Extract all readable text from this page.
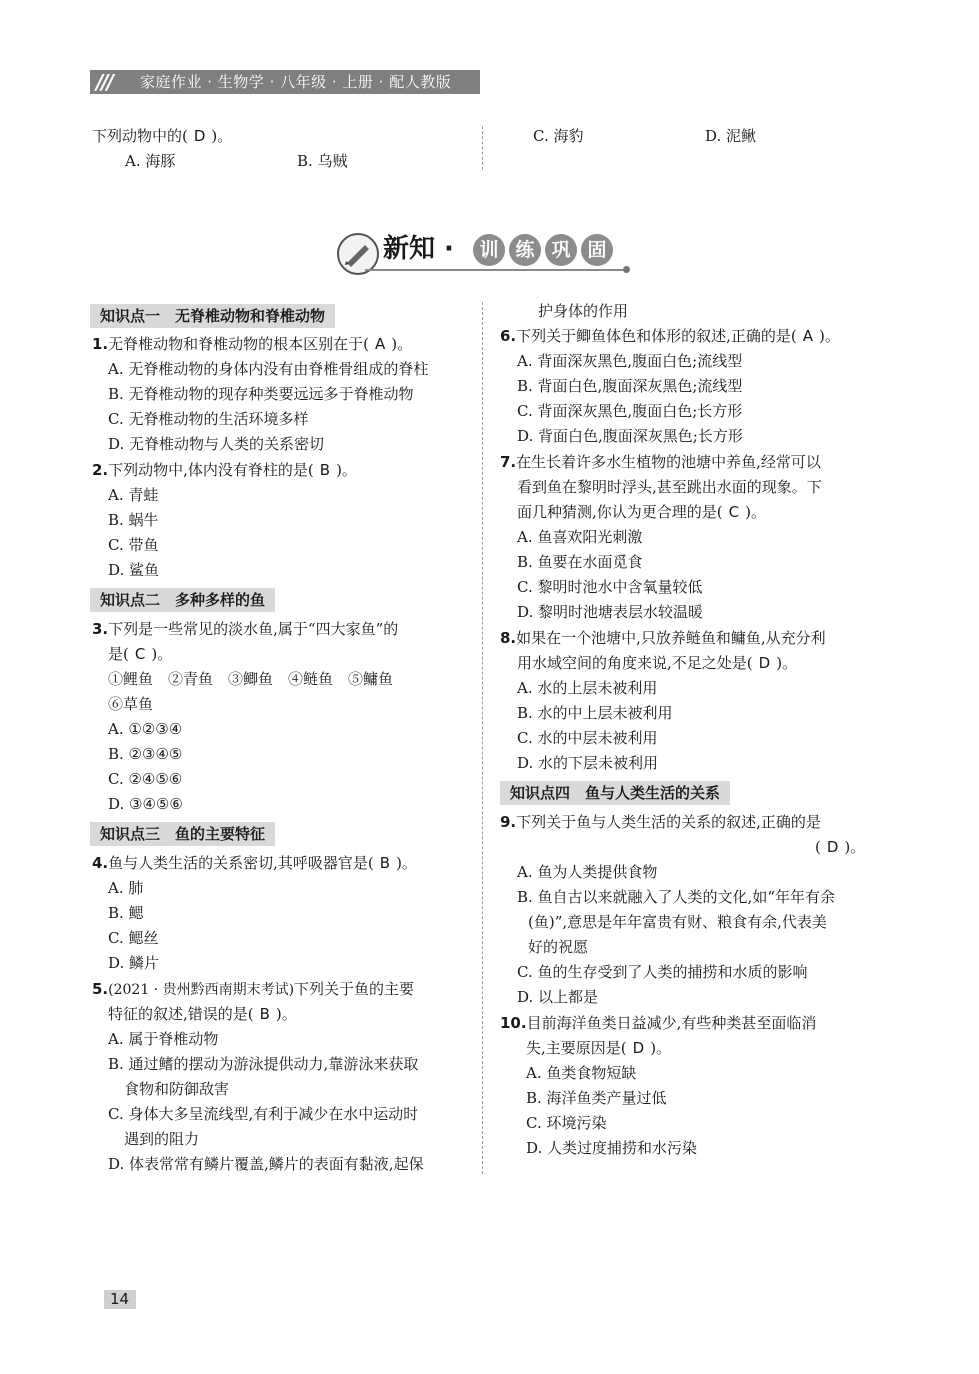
/// 家庭作业 · 生物学 · 八年级 · 上册 · 配人教版
下列动物中的( D )。
A. 海豚	B. 乌贼
C. 海豹	D. 泥鳅
新知 ·	训 练 巩 固
知识点一　无脊椎动物和脊椎动物
1.无脊椎动物和脊椎动物的根本区别在于( A )。
A. 无脊椎动物的身体内没有由脊椎骨组成的脊柱
B. 无脊椎动物的现存种类要远远多于脊椎动物
C. 无脊椎动物的生活环境多样
D. 无脊椎动物与人类的关系密切
2.下列动物中,体内没有脊柱的是( B )。
A. 青蛙
B. 蜗牛
C. 带鱼
D. 鲨鱼
知识点二　多种多样的鱼
3.下列是一些常见的淡水鱼,属于“四大家鱼”的
是( C )。
①鲤鱼　②青鱼　③鲫鱼　④鲢鱼　⑤鳙鱼
⑥草鱼
A. ①②③④
B. ②③④⑤
C. ②④⑤⑥
D. ③④⑤⑥
知识点三　鱼的主要特征
4.鱼与人类生活的关系密切,其呼吸器官是( B )。
A. 肺
B. 鳃
C. 鳃丝
D. 鳞片
5.(2021 · 贵州黔西南期末考试)下列关于鱼的主要
特征的叙述,错误的是( B )。
A. 属于脊椎动物
B. 通过鳍的摆动为游泳提供动力,靠游泳来获取
食物和防御敌害
C. 身体大多呈流线型,有利于减少在水中运动时
遇到的阻力
D. 体表常常有鳞片覆盖,鳞片的表面有黏液,起保
护身体的作用
6.下列关于鲫鱼体色和体形的叙述,正确的是( A )。
A. 背面深灰黑色,腹面白色;流线型
B. 背面白色,腹面深灰黑色;流线型
C. 背面深灰黑色,腹面白色;长方形
D. 背面白色,腹面深灰黑色;长方形
7.在生长着许多水生植物的池塘中养鱼,经常可以
看到鱼在黎明时浮头,甚至跳出水面的现象。下
面几种猜测,你认为更合理的是( C )。
A. 鱼喜欢阳光刺激
B. 鱼要在水面觅食
C. 黎明时池水中含氧量较低
D. 黎明时池塘表层水较温暖
8.如果在一个池塘中,只放养鲢鱼和鳙鱼,从充分利
用水域空间的角度来说,不足之处是( D )。
A. 水的上层未被利用
B. 水的中上层未被利用
C. 水的中层未被利用
D. 水的下层未被利用
知识点四　鱼与人类生活的关系
9.下列关于鱼与人类生活的关系的叙述,正确的是
( D )。
A. 鱼为人类提供食物
B. 鱼自古以来就融入了人类的文化,如“年年有余
(鱼)”,意思是年年富贵有财、粮食有余,代表美
好的祝愿
C. 鱼的生存受到了人类的捕捞和水质的影响
D. 以上都是
10.目前海洋鱼类日益减少,有些种类甚至面临消
失,主要原因是( D )。
A. 鱼类食物短缺
B. 海洋鱼类产量过低
C. 环境污染
D. 人类过度捕捞和水污染
14
